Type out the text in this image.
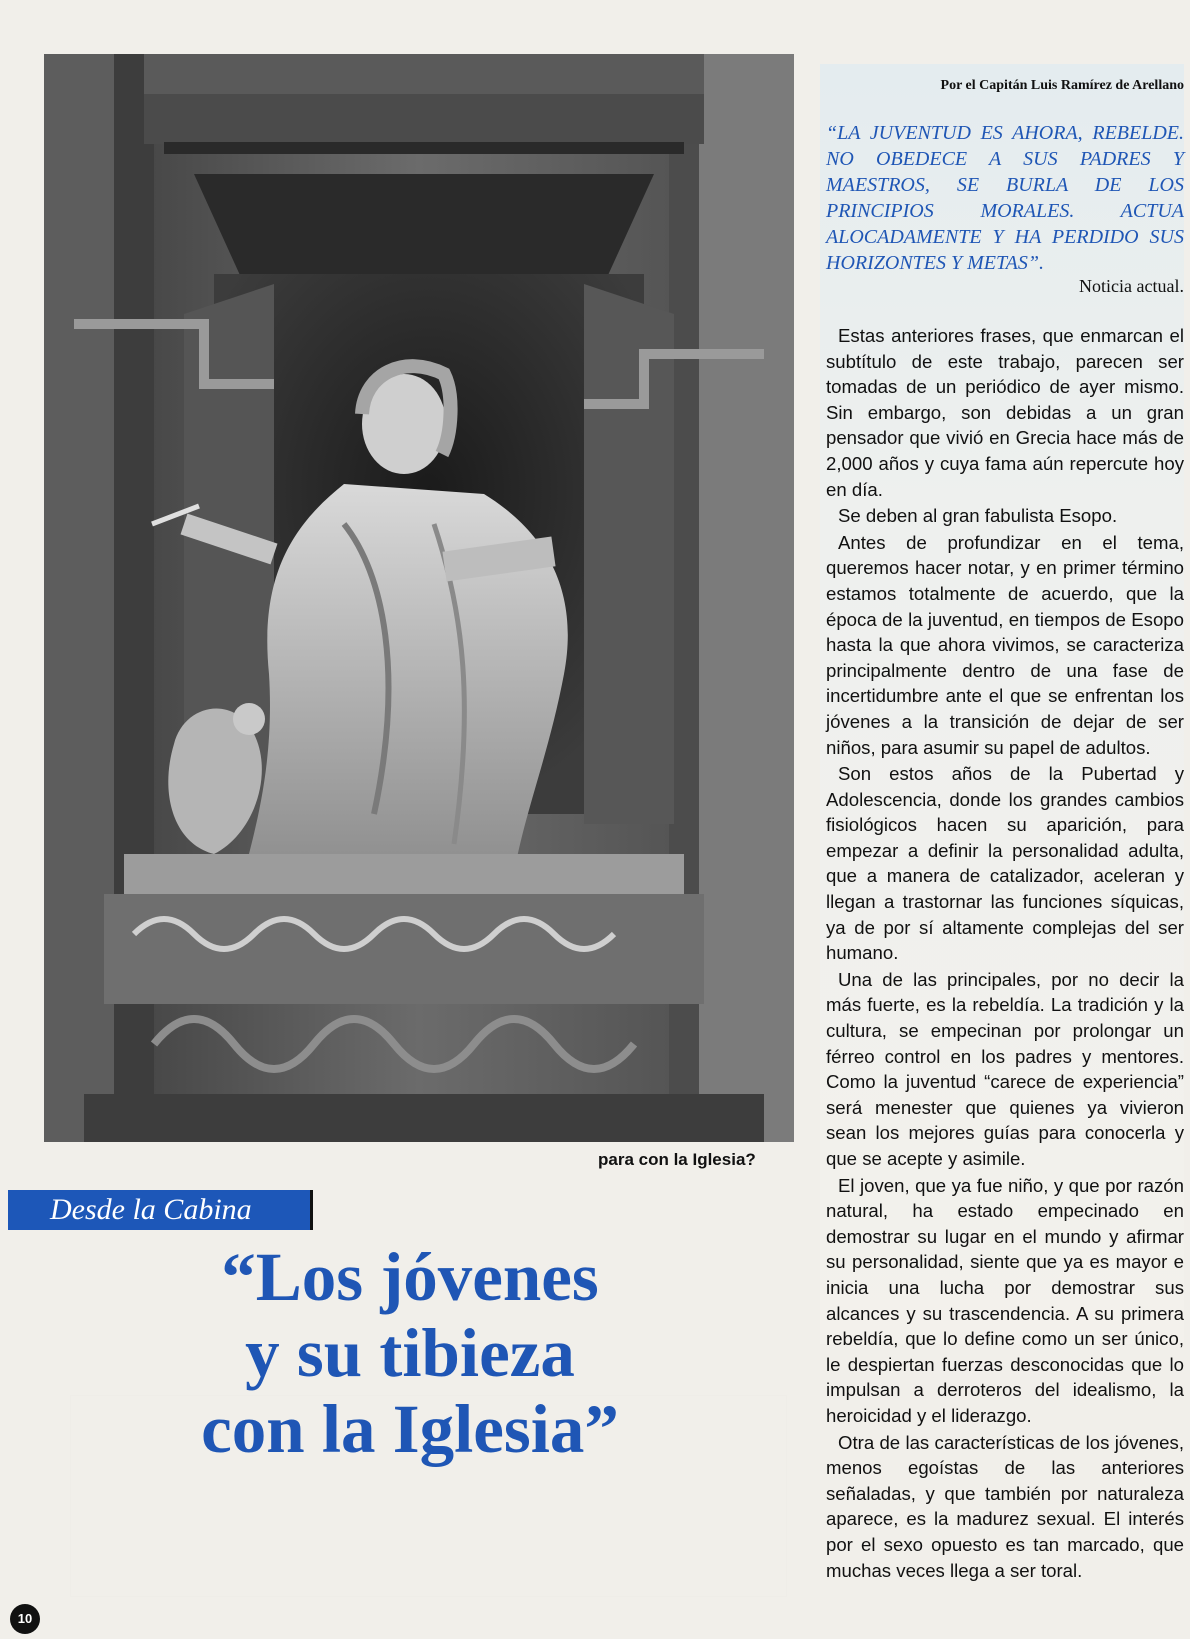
para con la Iglesia?
Desde la Cabina
“Los jóvenes
y su tibieza
con la Iglesia”
10

Por el Capitán Luis Ramírez de Arellano

“LA JUVENTUD ES AHORA, REBELDE. NO OBEDECE A SUS PADRES Y MAESTROS, SE BURLA DE LOS PRINCIPIOS MORALES. ACTUA ALOCADAMENTE Y HA PERDIDO SUS HORIZONTES Y METAS”.

Noticia actual.

Estas anteriores frases, que enmarcan el subtítulo de este trabajo, parecen ser tomadas de un periódico de ayer mismo. Sin embargo, son debidas a un gran pensador que vivió en Grecia hace más de 2,000 años y cuya fama aún repercute hoy en día.

Se deben al gran fabulista Esopo.

Antes de profundizar en el tema, queremos hacer notar, y en primer término estamos totalmente de acuerdo, que la época de la juventud, en tiempos de Esopo hasta la que ahora vivimos, se caracteriza principalmente dentro de una fase de incertidumbre ante el que se enfrentan los jóvenes a la transición de dejar de ser niños, para asumir su papel de adultos.

Son estos años de la Pubertad y Adolescencia, donde los grandes cambios fisiológicos hacen su aparición, para empezar a definir la personalidad adulta, que a manera de catalizador, aceleran y llegan a trastornar las funciones síquicas, ya de por sí altamente complejas del ser humano.

Una de las principales, por no decir la más fuerte, es la rebeldía. La tradición y la cultura, se empecinan por prolongar un férreo control en los padres y mentores. Como la juventud “carece de experiencia” será menester que quienes ya vivieron sean los mejores guías para conocerla y que se acepte y asimile.

El joven, que ya fue niño, y que por razón natural, ha estado empecinado en demostrar su lugar en el mundo y afirmar su personalidad, siente que ya es mayor e inicia una lucha por demostrar sus alcances y su trascendencia. A su primera rebeldía, que lo define como un ser único, le despiertan fuerzas desconocidas que lo impulsan a derroteros del idealismo, la heroicidad y el liderazgo.

Otra de las características de los jóvenes, menos egoístas de las anteriores señaladas, y que también por naturaleza aparece, es la madurez sexual. El interés por el sexo opuesto es tan marcado, que muchas veces llega a ser toral.
